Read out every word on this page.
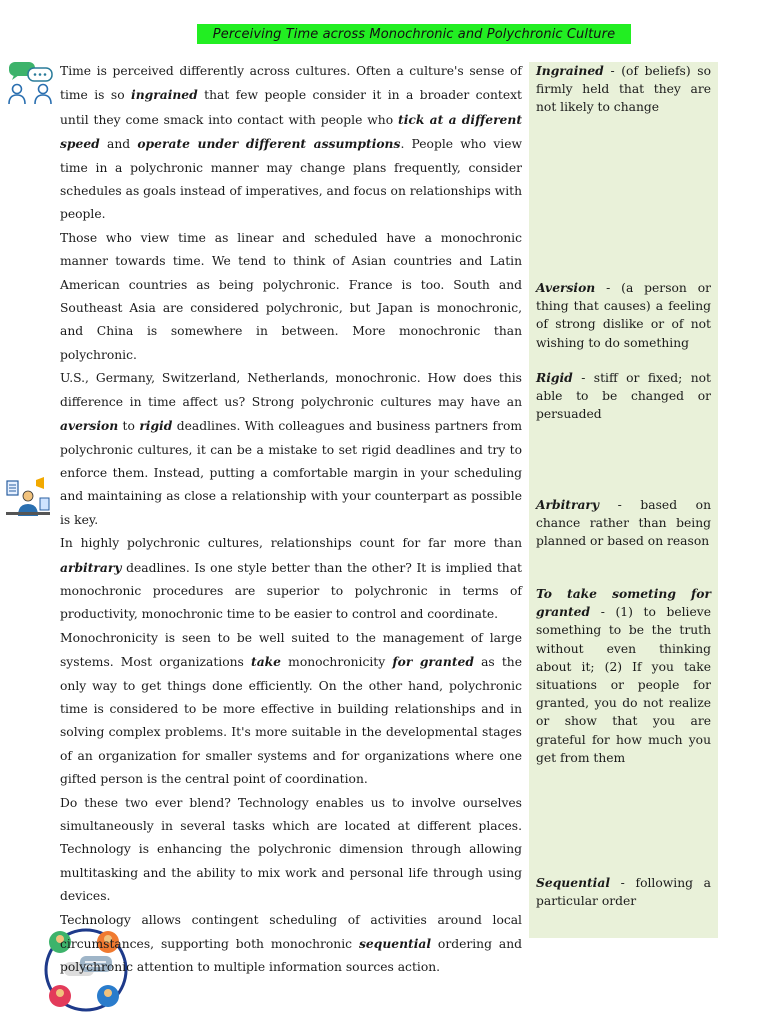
Perceiving Time across Monochronic and Polychronic Culture

Time is perceived differently across cultures. Often a culture's sense of time is so ingrained that few people consider it in a broader context until they come smack into contact with people who tick at a different speed and operate under different assumptions. People who view time in a polychronic manner may change plans frequently, consider schedules as goals instead of imperatives, and focus on relationships with people.

Those who view time as linear and scheduled have a monochronic manner towards time. We tend to think of Asian countries and Latin American countries as being polychronic. France is too. South and Southeast Asia are considered polychronic, but Japan is monochronic, and China is somewhere in between. More monochronic than polychronic.

U.S., Germany, Switzerland, Netherlands, monochronic. How does this difference in time affect us? Strong polychronic cultures may have an aversion to rigid deadlines. With colleagues and business partners from polychronic cultures, it can be a mistake to set rigid deadlines and try to enforce them. Instead, putting a comfortable margin in your scheduling and maintaining as close a relationship with your counterpart as possible is key.

In highly polychronic cultures, relationships count for far more than arbitrary deadlines. Is one style better than the other? It is implied that monochronic procedures are superior to polychronic in terms of productivity, monochronic time to be easier to control and coordinate.

Monochronicity is seen to be well suited to the management of large systems. Most organizations take monochronicity for granted as the only way to get things done efficiently. On the other hand, polychronic time is considered to be more effective in building relationships and in solving complex problems. It's more suitable in the developmental stages of an organization for smaller systems and for organizations where one gifted person is the central point of coordination.

Do these two ever blend? Technology enables us to involve ourselves simultaneously in several tasks which are located at different places. Technology is enhancing the polychronic dimension through allowing multitasking and the ability to mix work and personal life through using devices.

Technology allows contingent scheduling of activities around local circumstances, supporting both monochronic sequential ordering and polychronic attention to multiple information sources action.

Ingrained - (of beliefs) so firmly held that they are not likely to change
Aversion - (a person or thing that causes) a feeling of strong dislike or of not wishing to do something
Rigid - stiff or fixed; not able to be changed or persuaded
Arbitrary - based on chance rather than being planned or based on reason
To take someting for granted - (1) to believe something to be the truth without even thinking about it; (2) If you take situations or people for granted, you do not realize or show that you are grateful for how much you get from them
Sequential - following a particular order
